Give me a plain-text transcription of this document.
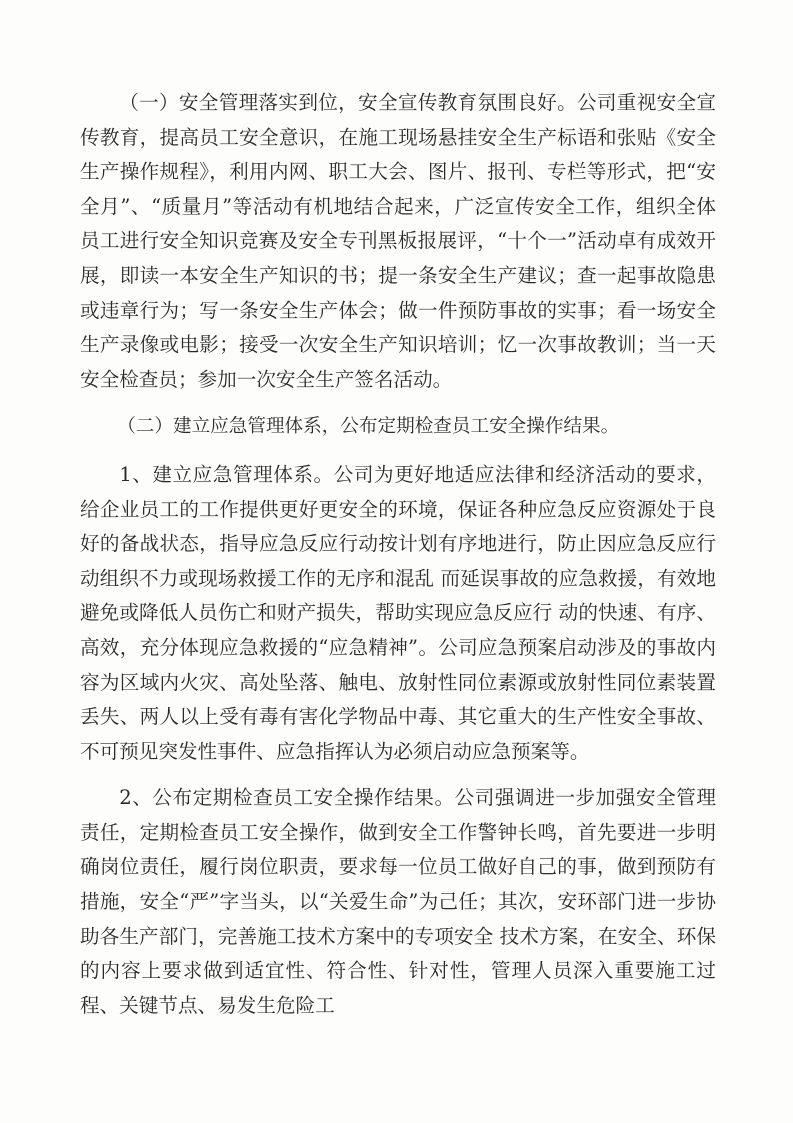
（一）安全管理落实到位，安全宣传教育氛围良好。公司重视安全宣传教育，提高员工安全意识，在施工现场悬挂安全生产标语和张贴《安全生产操作规程》，利用内网、职工大会、图片、报刊、专栏等形式，把“安全月”、“质量月”等活动有机地结合起来，广泛宣传安全工作，组织全体员工进行安全知识竞赛及安全专刊黑板报展评，“十个一”活动卓有成效开展，即读一本安全生产知识的书；提一条安全生产建议；查一起事故隐患或违章行为；写一条安全生产体会；做一件预防事故的实事；看一场安全 生产录像或电影；接受一次安全生产知识培训；忆一次事故教训；当一天安全检查员；参加一次安全生产签名活动。

（二）建立应急管理体系，公布定期检查员工安全操作结果。

1、建立应急管理体系。公司为更好地适应法律和经济活动的要求，给企业员工的工作提供更好更安全的环境，保证各种应急反应资源处于良好的备战状态，指导应急反应行动按计划有序地进行，防止因应急反应行动组织不力或现场救援工作的无序和混乱 而延误事故的应急救援，有效地避免或降低人员伤亡和财产损失，帮助实现应急反应行 动的快速、有序、高效，充分体现应急救援的“应急精神”。公司应急预案启动涉及的事故内容为区域内火灾、高处坠落、触电、放射性同位素源或放射性同位素装置丢失、两人以上受有毒有害化学物品中毒、其它重大的生产性安全事故、不可预见突发性事件、应急指挥认为必须启动应急预案等。

2、公布定期检查员工安全操作结果。公司强调进一步加强安全管理责任，定期检查员工安全操作，做到安全工作警钟长鸣，首先要进一步明确岗位责任，履行岗位职责，要求每一位员工做好自己的事，做到预防有措施，安全“严”字当头，以“关爱生命”为己任；其次，安环部门进一步协助各生产部门，完善施工技术方案中的专项安全 技术方案，在安全、环保的内容上要求做到适宜性、符合性、针对性，管理人员深入重要施工过程、关键节点、易发生危险工
